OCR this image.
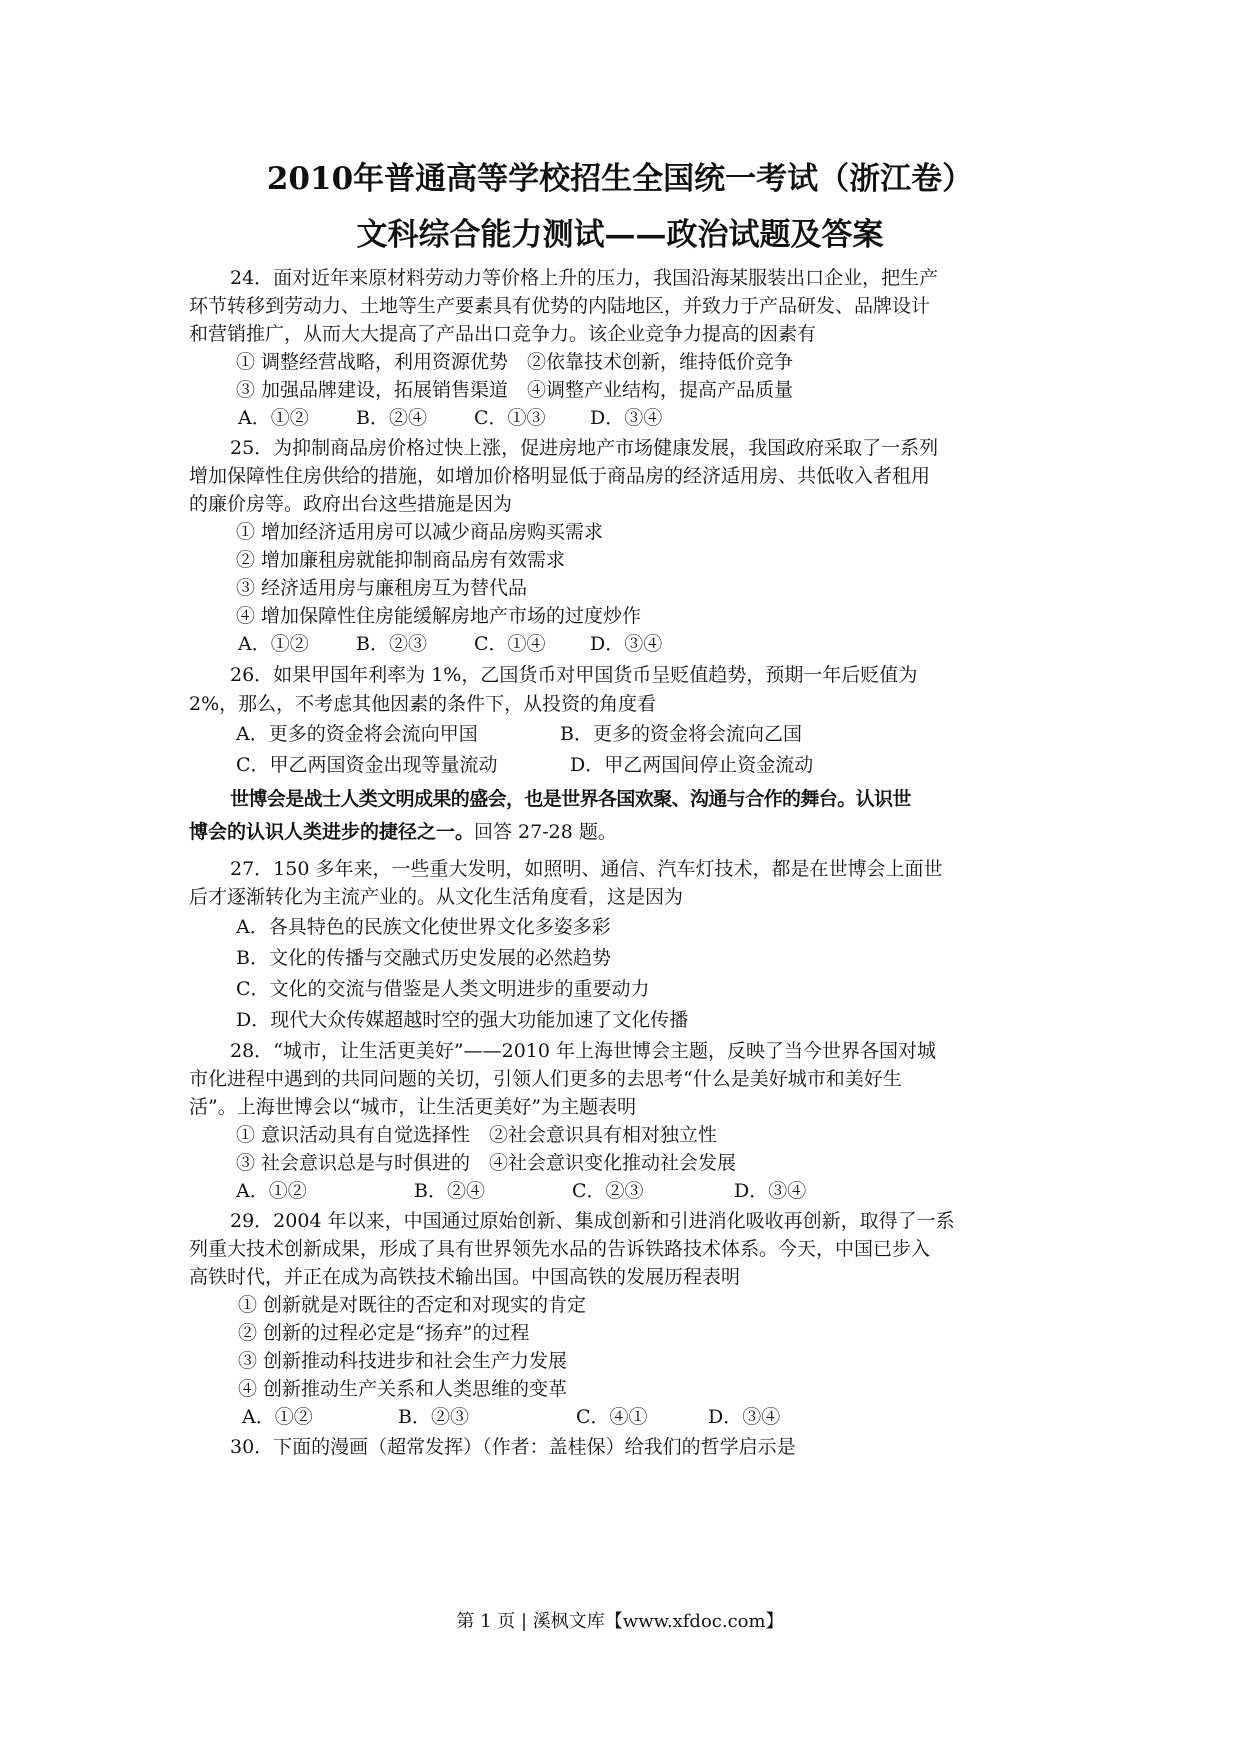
2010年普通高等学校招生全国统一考试（浙江卷）
文科综合能力测试——政治试题及答案
24．面对近年来原材料劳动力等价格上升的压力，我国沿海某服装出口企业，把生产
环节转移到劳动力、土地等生产要素具有优势的内陆地区，并致力于产品研发、品牌设计
和营销推广，从而大大提高了产品出口竞争力。该企业竞争力提高的因素有
① 调整经营战略，利用资源优势　②依靠技术创新，维持低价竞争
③ 加强品牌建设，拓展销售渠道　④调整产业结构，提高产品质量
A．①② B．②④ C．①③ D．③④
25．为抑制商品房价格过快上涨，促进房地产市场健康发展，我国政府采取了一系列
增加保障性住房供给的措施，如增加价格明显低于商品房的经济适用房、共低收入者租用
的廉价房等。政府出台这些措施是因为
① 增加经济适用房可以减少商品房购买需求
② 增加廉租房就能抑制商品房有效需求
③ 经济适用房与廉租房互为替代品
④ 增加保障性住房能缓解房地产市场的过度炒作
A．①② B．②③ C．①④ D．③④
26．如果甲国年利率为 1%，乙国货币对甲国货币呈贬值趋势，预期一年后贬值为
2%，那么，不考虑其他因素的条件下，从投资的角度看
A．更多的资金将会流向甲国	B．更多的资金将会流向乙国
C．甲乙两国资金出现等量流动	D．甲乙两国间停止资金流动
世博会是战士人类文明成果的盛会，也是世界各国欢聚、沟通与合作的舞台。认识世
博会的认识人类进步的捷径之一。回答 27-28 题。
27．150 多年来，一些重大发明，如照明、通信、汽车灯技术，都是在世博会上面世
后才逐渐转化为主流产业的。从文化生活角度看，这是因为
A．各具特色的民族文化使世界文化多姿多彩
B．文化的传播与交融式历史发展的必然趋势
C．文化的交流与借鉴是人类文明进步的重要动力
D．现代大众传媒超越时空的强大功能加速了文化传播
28．“城市，让生活更美好”——2010 年上海世博会主题，反映了当今世界各国对城
市化进程中遇到的共同问题的关切，引领人们更多的去思考“什么是美好城市和美好生
活”。上海世博会以“城市，让生活更美好”为主题表明
① 意识活动具有自觉选择性　②社会意识具有相对独立性
③ 社会意识总是与时俱进的　④社会意识变化推动社会发展
A．①②	B．②④	C．②③	D．③④
29．2004 年以来，中国通过原始创新、集成创新和引进消化吸收再创新，取得了一系
列重大技术创新成果，形成了具有世界领先水品的告诉铁路技术体系。今天，中国已步入
高铁时代，并正在成为高铁技术输出国。中国高铁的发展历程表明
① 创新就是对既往的否定和对现实的肯定
② 创新的过程必定是“扬弃”的过程
③ 创新推动科技进步和社会生产力发展
④ 创新推动生产关系和人类思维的变革
A．①②	B．②③	C．④①	D．③④
30．下面的漫画（超常发挥）（作者：盖桂保）给我们的哲学启示是
第 1 页 | 溪枫文库【www.xfdoc.com】
